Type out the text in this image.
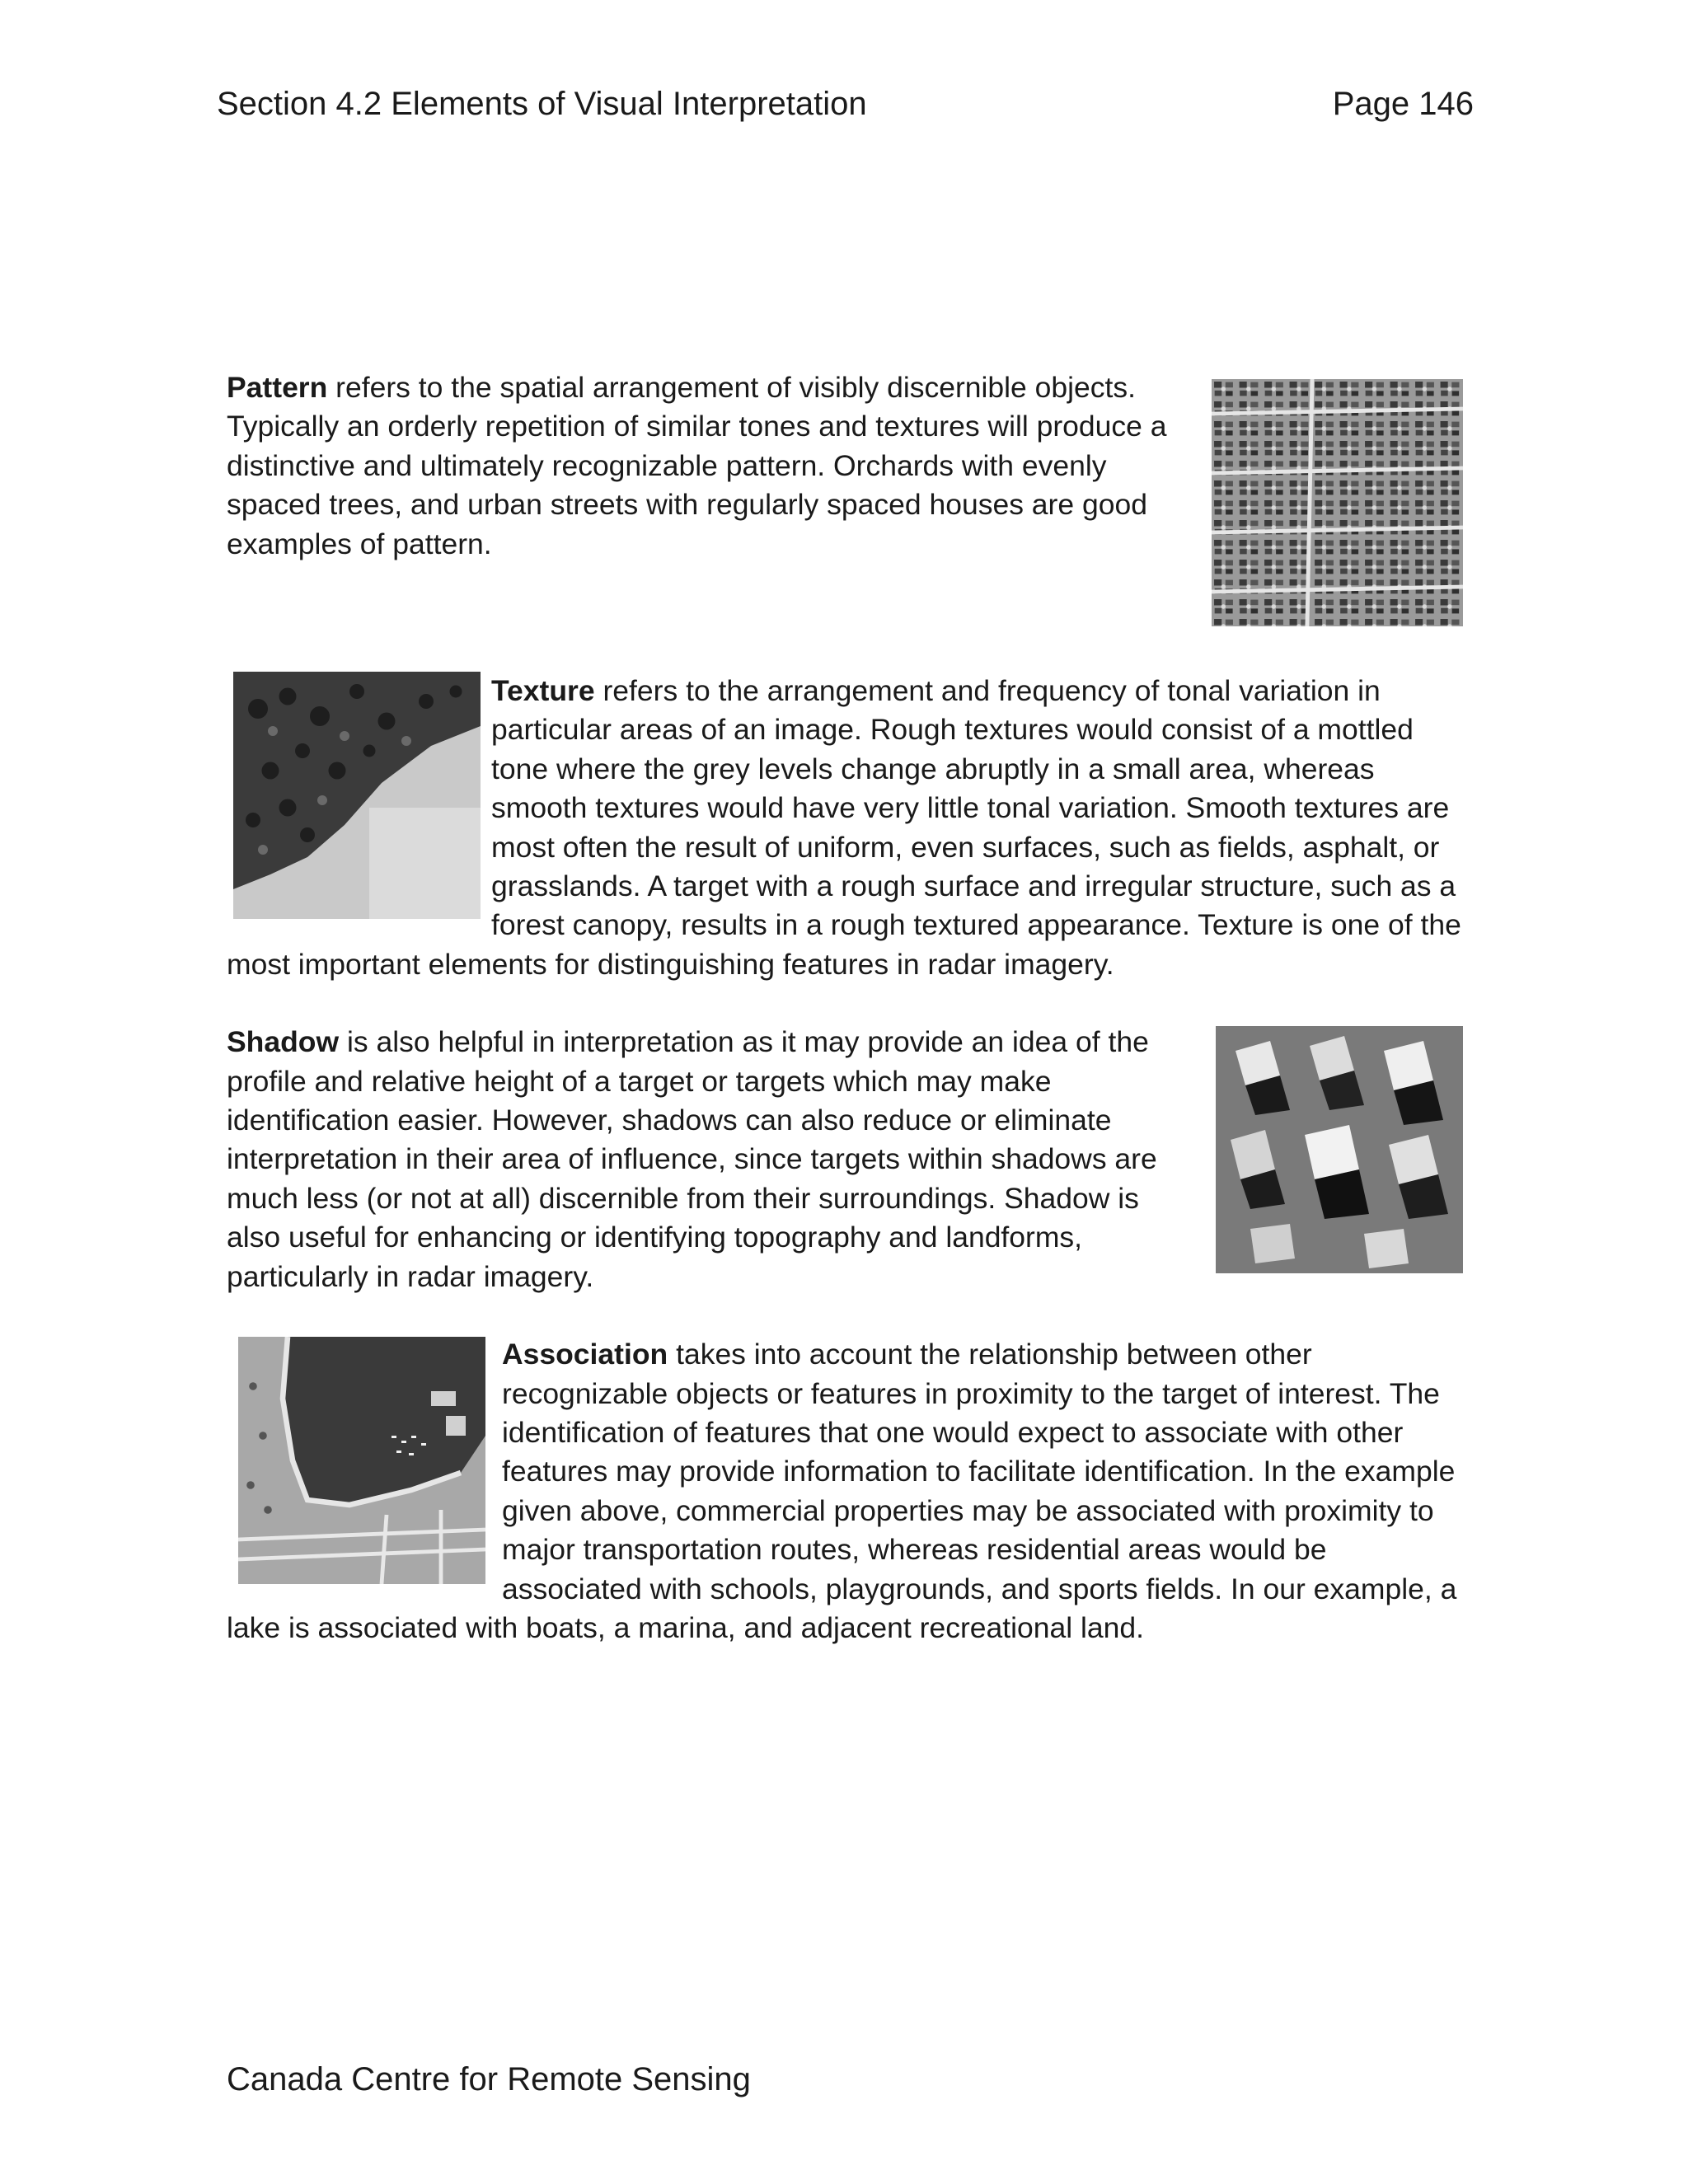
Section 4.2 Elements of Visual Interpretation	Page 146

Pattern refers to the spatial arrangement of visibly discernible objects. Typically an orderly repetition of similar tones and textures will produce a distinctive and ultimately recognizable pattern. Orchards with evenly spaced trees, and urban streets with regularly spaced houses are good examples of pattern.

Texture refers to the arrangement and frequency of tonal variation in particular areas of an image. Rough textures would consist of a mottled tone where the grey levels change abruptly in a small area, whereas smooth textures would have very little tonal variation. Smooth textures are most often the result of uniform, even surfaces, such as fields, asphalt, or grasslands. A target with a rough surface and irregular structure, such as a forest canopy, results in a rough textured appearance. Texture is one of the most important elements for distinguishing features in radar imagery.

Shadow is also helpful in interpretation as it may provide an idea of the profile and relative height of a target or targets which may make identification easier. However, shadows can also reduce or eliminate interpretation in their area of influence, since targets within shadows are much less (or not at all) discernible from their surroundings. Shadow is also useful for enhancing or identifying topography and landforms, particularly in radar imagery.

Association takes into account the relationship between other recognizable objects or features in proximity to the target of interest. The identification of features that one would expect to associate with other features may provide information to facilitate identification. In the example given above, commercial properties may be associated with proximity to major transportation routes, whereas residential areas would be associated with schools, playgrounds, and sports fields. In our example, a lake is associated with boats, a marina, and adjacent recreational land.

Canada Centre for Remote Sensing
